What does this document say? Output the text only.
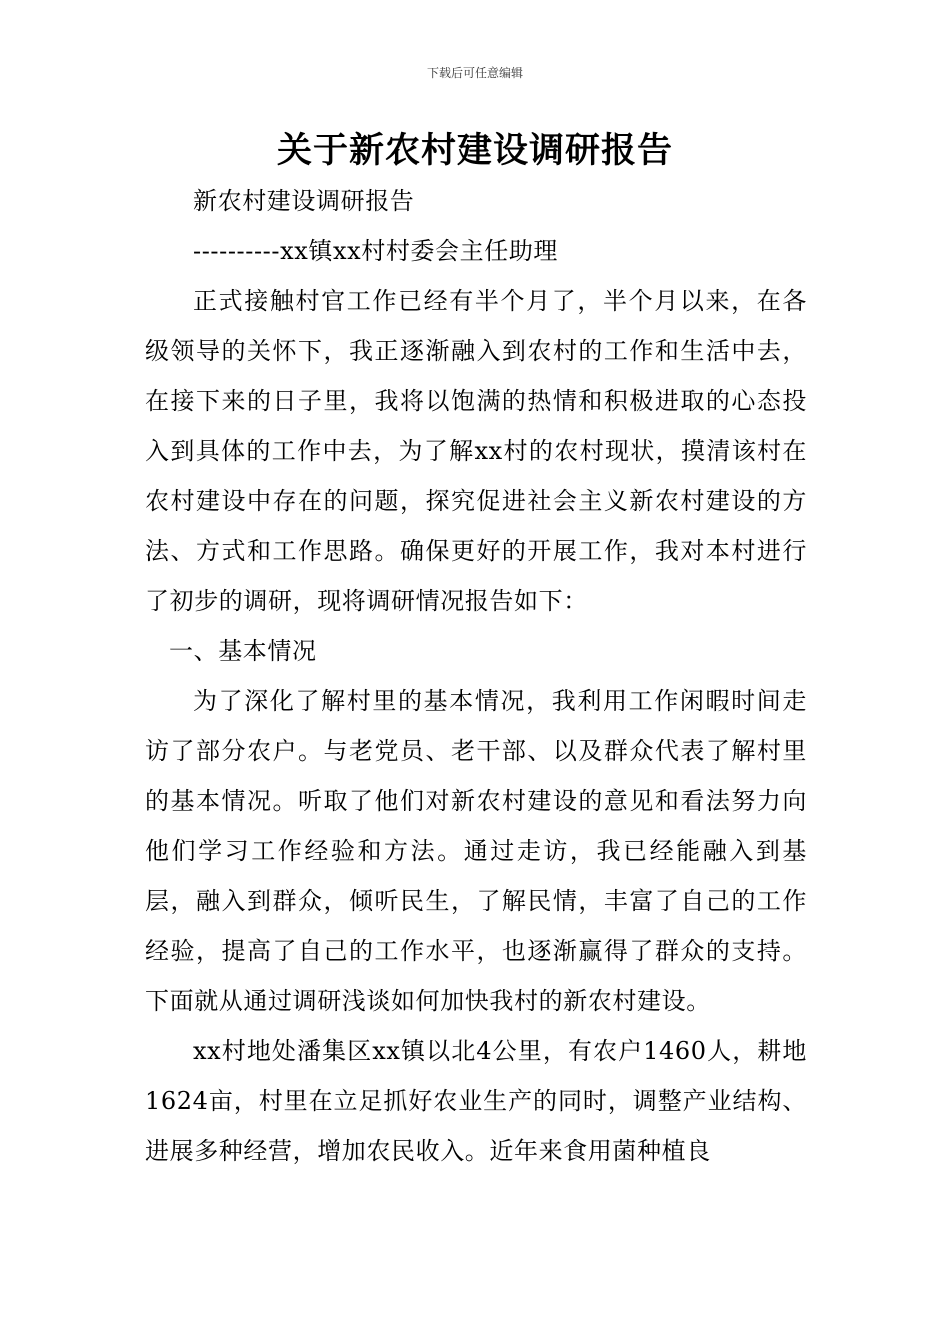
下载后可任意编辑
关于新农村建设调研报告

新农村建设调研报告

----------xx镇xx村村委会主任助理

正式接触村官工作已经有半个月了，半个月以来，在各级领导的关怀下，我正逐渐融入到农村的工作和生活中去，在接下来的日子里，我将以饱满的热情和积极进取的心态投入到具体的工作中去，为了解xx村的农村现状，摸清该村在农村建设中存在的问题，探究促进社会主义新农村建设的方法、方式和工作思路。确保更好的开展工作，我对本村进行了初步的调研，现将调研情况报告如下：

一、基本情况

为了深化了解村里的基本情况，我利用工作闲暇时间走访了部分农户。与老党员、老干部、以及群众代表了解村里的基本情况。听取了他们对新农村建设的意见和看法努力向他们学习工作经验和方法。通过走访，我已经能融入到基层，融入到群众，倾听民生，了解民情，丰富了自己的工作经验，提高了自己的工作水平，也逐渐赢得了群众的支持。下面就从通过调研浅谈如何加快我村的新农村建设。

xx村地处潘集区xx镇以北4公里，有农户1460人，耕地1624亩，村里在立足抓好农业生产的同时，调整产业结构、进展多种经营，增加农民收入。近年来食用菌种植良
